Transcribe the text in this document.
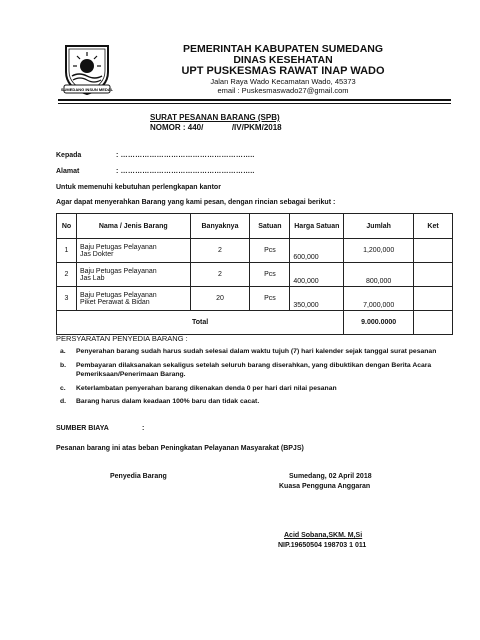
SUMEDANG INSUN MEDAL
PEMERINTAH KABUPATEN SUMEDANG
DINAS KESEHATAN
UPT PUSKESMAS RAWAT INAP WADO
Jalan Raya Wado Kecamatan Wado, 45373
email : Puskesmaswado27@gmail.com
SURAT PESANAN BARANG (SPB)
NOMOR : 440/	/IV/PKM/2018
Kepada	: ………………………………………………..
Alamat	: ………………………………………………..
Untuk memenuhi kebutuhan perlengkapan kantor
Agar dapat menyerahkan Barang yang kami pesan, dengan rincian sebagai berikut :
No	Nama / Jenis Barang	Banyaknya	Satuan	Harga Satuan	Jumlah	Ket
1	Baju Petugas Pelayanan
Jas Dokter	2	Pcs	600,000	1,200,000	
2	Baju Petugas Pelayanan
Jas Lab	2	Pcs	400,000	800,000	
3	Baju Petugas Pelayanan
Piket Perawat & Bidan	20	Pcs	350,000	7,000,000	
Total					9.000.0000	
PERSYARATAN PENYEDIA BARANG :
a. Penyerahan barang sudah harus sudah selesai dalam waktu tujuh (7) hari kalender sejak tanggal surat pesanan
b. Pembayaran dilaksanakan sekaligus setelah seluruh barang diserahkan, yang dibuktikan dengan Berita Acara Pemeriksaan/Penerimaan Barang.
c. Keterlambatan penyerahan barang dikenakan denda 0 per hari dari nilai pesanan
d. Barang harus dalam keadaan 100% baru dan tidak cacat.
SUMBER BIAYA	:
Pesanan barang ini atas beban Peningkatan Pelayanan Masyarakat (BPJS)
Penyedia Barang	Sumedang, 02 April 2018
Kuasa Pengguna Anggaran
Acid Sobana,SKM. M,Si
NIP.19650504 198703 1 011
